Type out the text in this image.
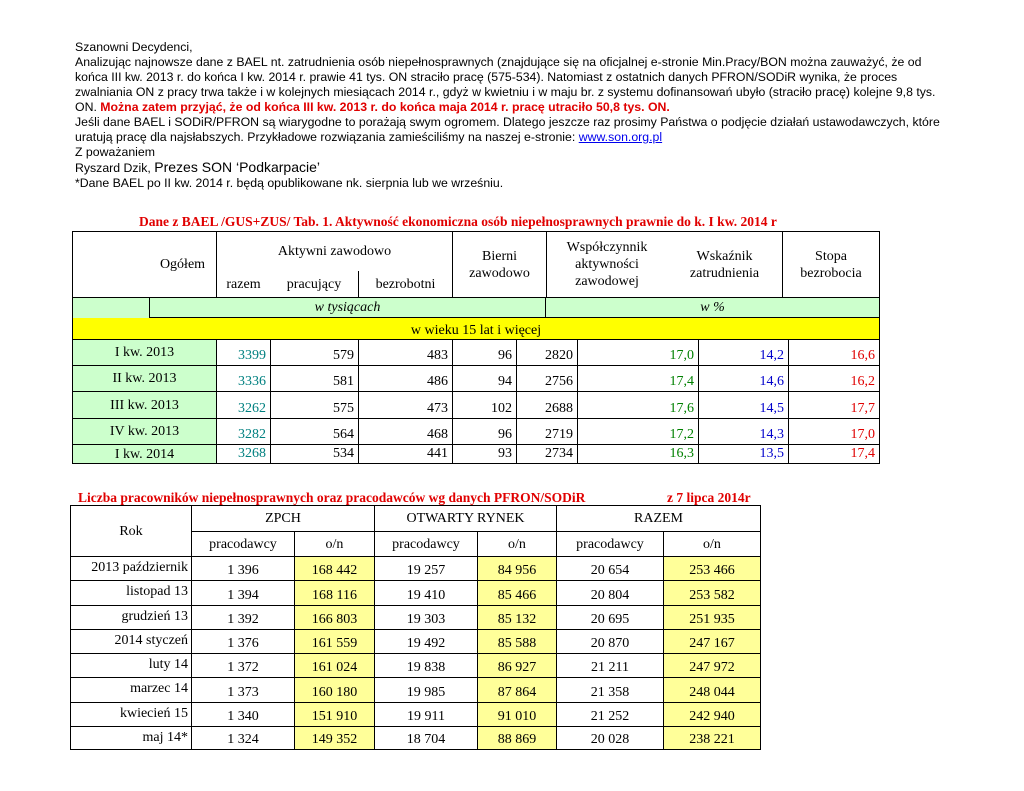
Szanowni Decydenci,

Analizując najnowsze dane z BAEL nt. zatrudnienia osób niepełnosprawnych (znajdujące się na oficjalnej e-stronie Min.Pracy/BON można zauważyć, że od końca III kw. 2013 r. do końca I kw. 2014 r. prawie 41 tys. ON straciło pracę (575-534). Natomiast z ostatnich danych PFRON/SODiR wynika, że proces zwalniania ON z pracy trwa także i w kolejnych miesiącach 2014 r., gdyż w kwietniu i w maju br. z systemu dofinansowań ubyło (straciło pracę) kolejne 9,8 tys. ON. Można zatem przyjąć, że od końca III kw. 2013 r. do końca maja 2014 r. pracę utraciło 50,8 tys. ON.

Jeśli dane BAEL i SODiR/PFRON są wiarygodne to porażają swym ogromem. Dlatego jeszcze raz prosimy Państwa o podjęcie działań ustawodawczych, które uratują pracę dla najsłabszych. Przykładowe rozwiązania zamieściliśmy na naszej e-stronie: www.son.org.pl

Z poważaniem

Ryszard Dzik, Prezes SON ‘Podkarpacie’

*Dane BAEL po II kw. 2014 r. będą opublikowane nk. sierpnia lub we wrześniu.

Dane z BAEL /GUS+ZUS/ Tab. 1. Aktywność ekonomiczna osób niepełnosprawnych prawnie do k. I kw. 2014 r
Ogółem
Aktywni zawodowo
razem	pracujący	bezrobotni
Bierni zawodowo
Współczynnik aktywności zawodowej
Wskaźnik zatrudnienia
Stopa bezrobocia
w tysiącach	w %
w wieku 15 lat i więcej
I kw. 2013	3399	579	483	96	2820	17,0	14,2	16,6
II kw. 2013	3336	581	486	94	2756	17,4	14,6	16,2
III kw. 2013	3262	575	473	102	2688	17,6	14,5	17,7
IV kw. 2013	3282	564	468	96	2719	17,2	14,3	17,0
I kw. 2014	3268	534	441	93	2734	16,3	13,5	17,4
Liczba pracowników niepełnosprawnych oraz pracodawców wg danych PFRON/SODiR	z 7 lipca 2014r
Rok
ZPCH	OTWARTY RYNEK	RAZEM
pracodawcy	o/n	pracodawcy	o/n	pracodawcy	o/n
2013 październik	1 396	168 442	19 257	84 956	20 654	253 466
listopad 13	1 394	168 116	19 410	85 466	20 804	253 582
grudzień 13	1 392	166 803	19 303	85 132	20 695	251 935
2014 styczeń	1 376	161 559	19 492	85 588	20 870	247 167
luty 14	1 372	161 024	19 838	86 927	21 211	247 972
marzec 14	1 373	160 180	19 985	87 864	21 358	248 044
kwiecień 15	1 340	151 910	19 911	91 010	21 252	242 940
maj 14*	1 324	149 352	18 704	88 869	20 028	238 221
